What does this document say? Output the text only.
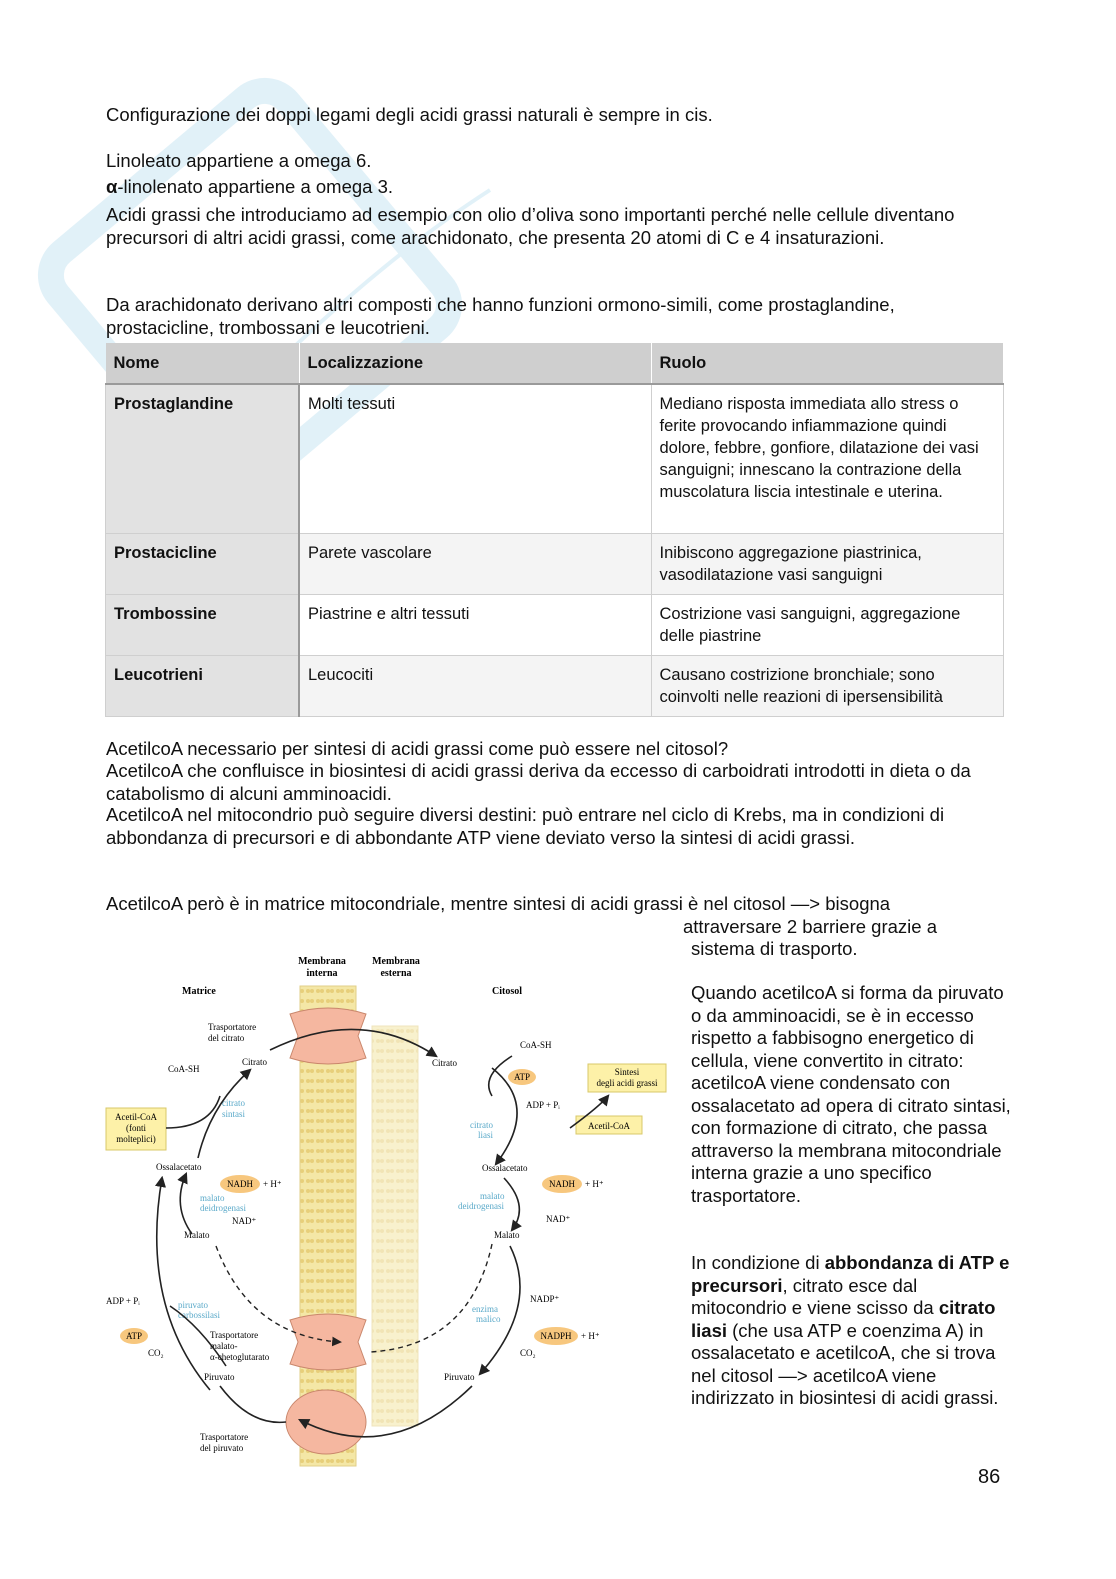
Configurazione dei doppi legami degli acidi grassi naturali è sempre in cis.

Linoleato appartiene a omega 6.

α-linolenato appartiene a omega 3.

Acidi grassi che introduciamo ad esempio con olio d’oliva sono importanti perché nelle cellule diventano precursori di altri acidi grassi, come arachidonato, che presenta 20 atomi di C e 4 insaturazioni.

Da arachidonato derivano altri composti che hanno funzioni ormono-simili, come prostaglandine, prostacicline, trombossani e leucotrieni.

Nome	Localizzazione	Ruolo
Prostaglandine	Molti tessuti	Mediano risposta immediata allo stress o ferite provocando infiammazione quindi dolore, febbre, gonfiore, dilatazione dei vasi sanguigni; innescano la contrazione della muscolatura liscia intestinale e uterina.
Prostacicline	Parete vascolare	Inibiscono aggregazione piastrinica, vasodilatazione vasi sanguigni
Trombossine	Piastrine e altri tessuti	Costrizione vasi sanguigni, aggregazione delle piastrine
Leucotrieni	Leucociti	Causano costrizione bronchiale; sono coinvolti nelle reazioni di ipersensibilità

AcetilcoA necessario per sintesi di acidi grassi come può essere nel citosol?

AcetilcoA che confluisce in biosintesi di acidi grassi deriva da eccesso di carboidrati introdotti in dieta o da catabolismo di alcuni amminoacidi.

AcetilcoA nel mitocondrio può seguire diversi destini: può entrare nel ciclo di Krebs, ma in condizioni di abbondanza di precursori e di abbondante ATP viene deviato verso la sintesi di acidi grassi.

AcetilcoA però è in matrice mitocondriale, mentre sintesi di acidi grassi è nel citosol —> bisogna

attraversare 2 barriere grazie a

sistema di trasporto.

Quando acetilcoA si forma da piruvato o da amminoacidi, se è in eccesso rispetto a fabbisogno energetico di cellula, viene convertito in citrato: acetilcoA viene condensato con ossalacetato ad opera di citrato sintasi, con formazione di citrato, che passa attraverso la membrana mitocondriale interna grazie a uno specifico trasportatore.

In condizione di abbondanza di ATP e precursori, citrato esce dal mitocondrio e viene scisso da citrato liasi (che usa ATP e coenzima A) in ossalacetato e acetilcoA, che si trova nel citosol —> acetilcoA viene indirizzato in biosintesi di acidi grassi.

Membrana
interna
Membrana
esterna
Matrice	Citosol
Trasportatore
del citrato
CoA-SH
Citrato
citrato
sintasi
Acetil-CoA
(fonti
molteplici)
Ossalacetato
NADH + H⁺
malato
deidrogenasi
NAD⁺
Malato
ADP + Pᵢ	piruvato
carbossilasi
ATP
CO₂
Trasportatore
malato-
α-chetoglutarato
Piruvato
Trasportatore
del piruvato
Citrato
CoA-SH
ATP
ADP + Pᵢ
Sintesi
degli acidi grassi
citrato
liasi
Acetil-CoA
Ossalacetato
NADH + H⁺
malato
deidrogenasi
NAD⁺
Malato
NADP⁺
enzima
malico
NADPH + H⁺
CO₂
Piruvato
86
